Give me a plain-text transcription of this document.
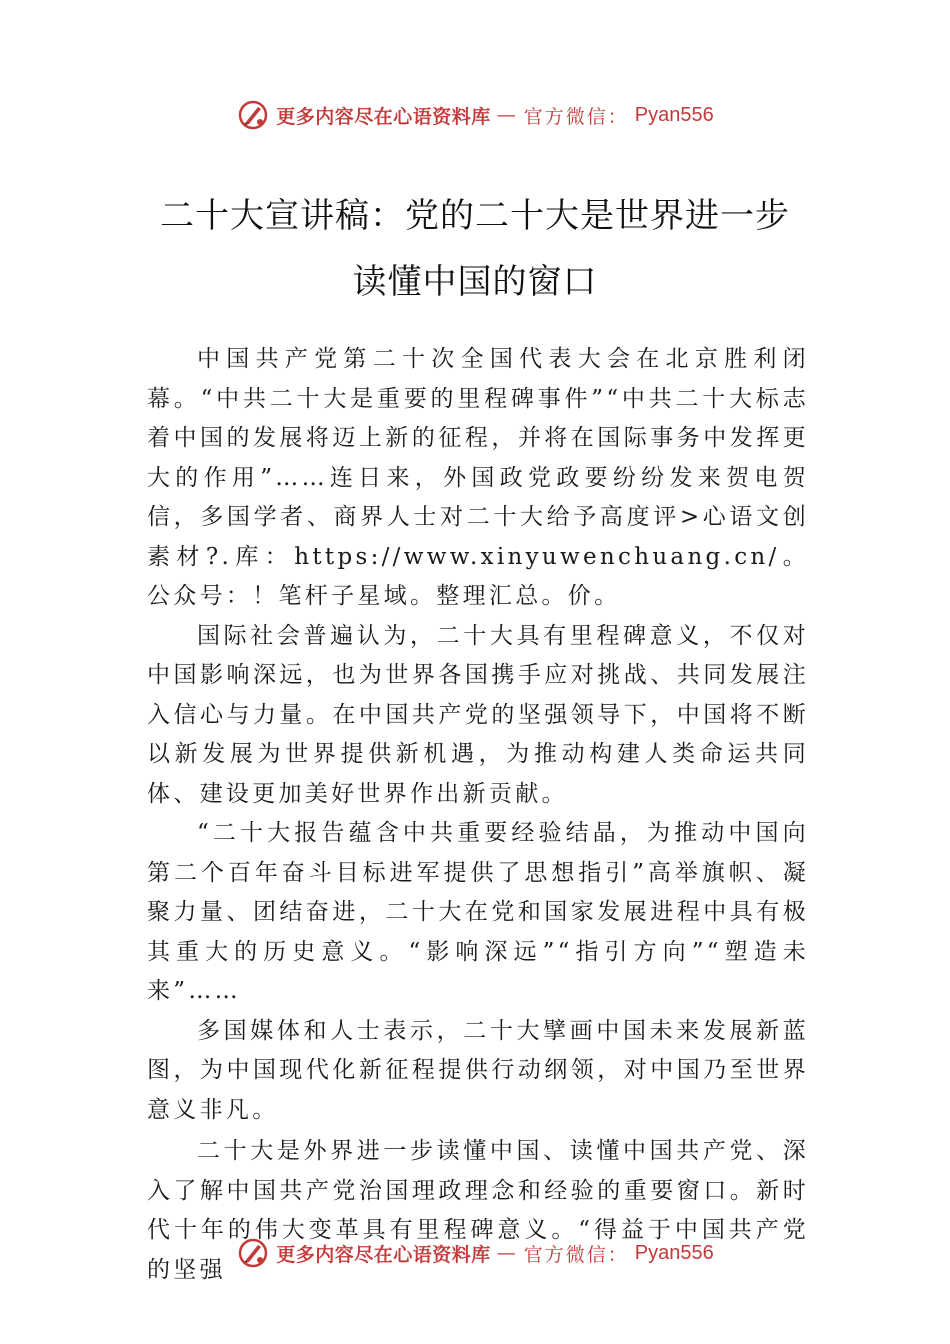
更多内容尽在心语资料库 — 官方微信： Pyan556
二十大宣讲稿：党的二十大是世界进一步
读懂中国的窗口

中国共产党第二十次全国代表大会在北京胜利闭幕。“中共二十大是重要的里程碑事件”“中共二十大标志着中国的发展将迈上新的征程，并将在国际事务中发挥更大的作用”……连日来，外国政党政要纷纷发来贺电贺信，多国学者、商界人士对二十大给予高度评>心语文创素材?.库：https://www.xinyuwenchuang.cn/。公众号：！笔杆子星域。整理汇总。价。

国际社会普遍认为，二十大具有里程碑意义，不仅对中国影响深远，也为世界各国携手应对挑战、共同发展注入信心与力量。在中国共产党的坚强领导下，中国将不断以新发展为世界提供新机遇，为推动构建人类命运共同体、建设更加美好世界作出新贡献。

“二十大报告蕴含中共重要经验结晶，为推动中国向第二个百年奋斗目标进军提供了思想指引”高举旗帜、凝聚力量、团结奋进，二十大在党和国家发展进程中具有极其重大的历史意义。“影响深远”“指引方向”“塑造未来”……

多国媒体和人士表示，二十大擘画中国未来发展新蓝图，为中国现代化新征程提供行动纲领，对中国乃至世界意义非凡。

二十大是外界进一步读懂中国、读懂中国共产党、深入了解中国共产党治国理政理念和经验的重要窗口。新时代十年的伟大变革具有里程碑意义。“得益于中国共产党的坚强

更多内容尽在心语资料库 — 官方微信： Pyan556
